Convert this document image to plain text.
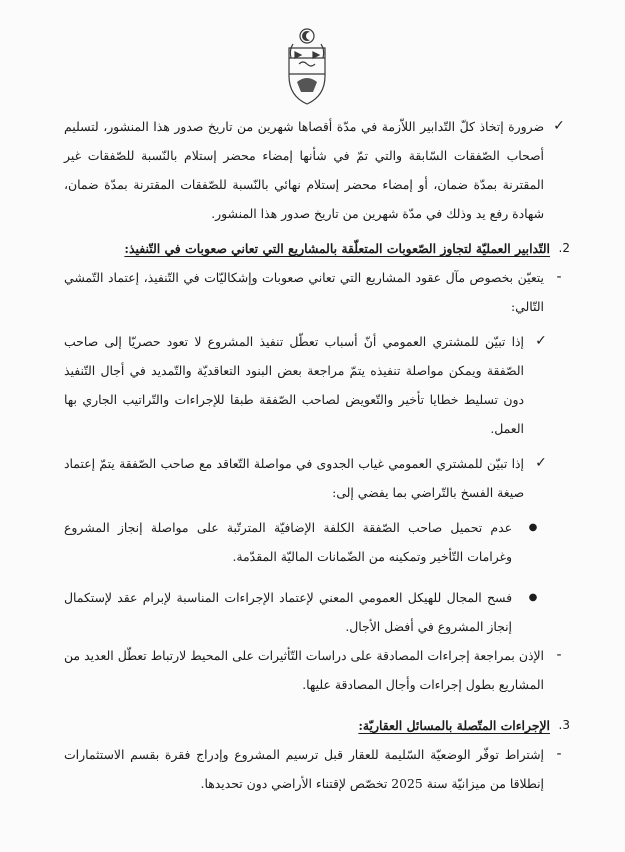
✓
ضرورة إتخاذ كلّ التّدابير اللاّزمة في مدّة أقصاها شهرين من تاريخ صدور هذا المنشور، لتسليم أصحاب الصّفقات السّابقة والتي تمّ في شأنها إمضاء محضر إستلام بالنّسبة للصّفقات غير المقترنة بمدّة ضمان، أو إمضاء محضر إستلام نهائي بالنّسبة للصّفقات المقترنة بمدّة ضمان، شهادة رفع يد وذلك في مدّة شهرين من تاريخ صدور هذا المنشور.

2.
التّدابير العمليّة لتجاوز الصّعوبات المتعلّقة بالمشاريع التي تعاني صعوبات في التّنفيذ:

-
يتعيّن بخصوص مآل عقود المشاريع التي تعاني صعوبات وإشكاليّات في التّنفيذ، إعتماد التّمشي التّالي:

✓
إذا تبيّن للمشتري العمومي أنّ أسباب تعطّل تنفيذ المشروع لا تعود حصريّا إلى صاحب الصّفقة ويمكن مواصلة تنفيذه يتمّ مراجعة بعض البنود التعاقديّة والتّمديد في أجال التّنفيذ دون تسليط خطايا تأخير والتّعويض لصاحب الصّفقة طبقا للإجراءات والتّراتيب الجاري بها العمل.

✓
إذا تبيّن للمشتري العمومي غياب الجدوى في مواصلة التّعاقد مع صاحب الصّفقة يتمّ إعتماد صيغة الفسخ بالتّراضي بما يفضي إلى:

●
عدم تحميل صاحب الصّفقة الكلفة الإضافيّة المترتّبة على مواصلة إنجاز المشروع وغرامات التّأخير وتمكينه من الضّمانات الماليّة المقدّمة.

●
فسح المجال للهيكل العمومي المعني لإعتماد الإجراءات المناسبة لإبرام عقد لإستكمال إنجاز المشروع في أفضل الأجال.

-
الإذن بمراجعة إجراءات المصادقة على دراسات التّأثيرات على المحيط لارتباط تعطّل العديد من المشاريع بطول إجراءات وأجال المصادقة عليها.

3.
الإجراءات المتّصلة بالمسائل العقاريّة:

-
إشتراط توفّر الوضعيّة السّليمة للعقار قبل ترسيم المشروع وإدراج فقرة بقسم الاستثمارات إنطلاقا من ميزانيّة سنة 2025 تخصّص لإقتناء الأراضي دون تحديدها.
